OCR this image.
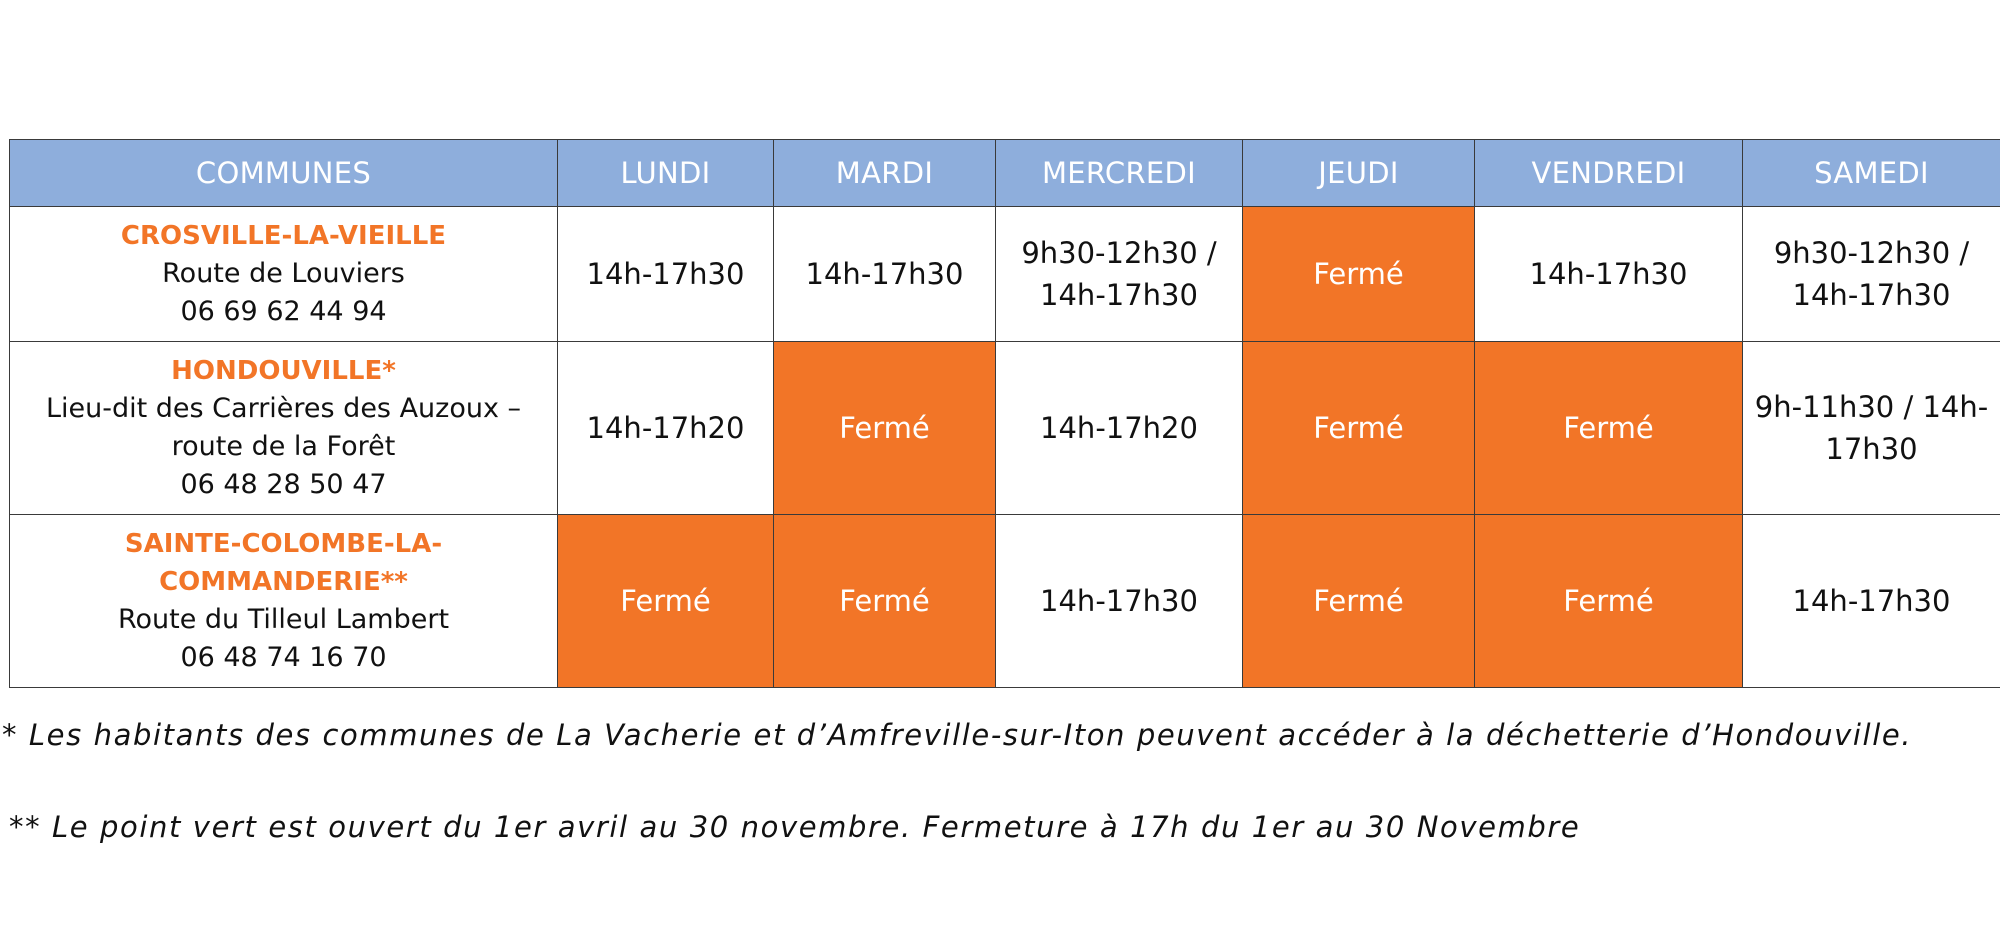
COMMUNES	LUNDI	MARDI	MERCREDI	JEUDI	VENDREDI	SAMEDI

CROSVILLE-LA-VIEILLE
Route de Louviers
06 69 62 44 94	14h-17h30	14h-17h30	9h30-12h30 / 14h-17h30	Fermé	14h-17h30	9h30-12h30 / 14h-17h30

HONDOUVILLE*
Lieu-dit des Carrières des Auzoux –
route de la Forêt
06 48 28 50 47	14h-17h20	Fermé	14h-17h20	Fermé	Fermé	9h-11h30 / 14h-17h30

SAINTE-COLOMBE-LA-COMMANDERIE**
Route du Tilleul Lambert
06 48 74 16 70	Fermé	Fermé	14h-17h30	Fermé	Fermé	14h-17h30
* Les habitants des communes de La Vacherie et d’Amfreville-sur-Iton peuvent accéder à la déchetterie d’Hondouville.
** Le point vert est ouvert du 1er avril au 30 novembre. Fermeture à 17h du 1er au 30 Novembre
